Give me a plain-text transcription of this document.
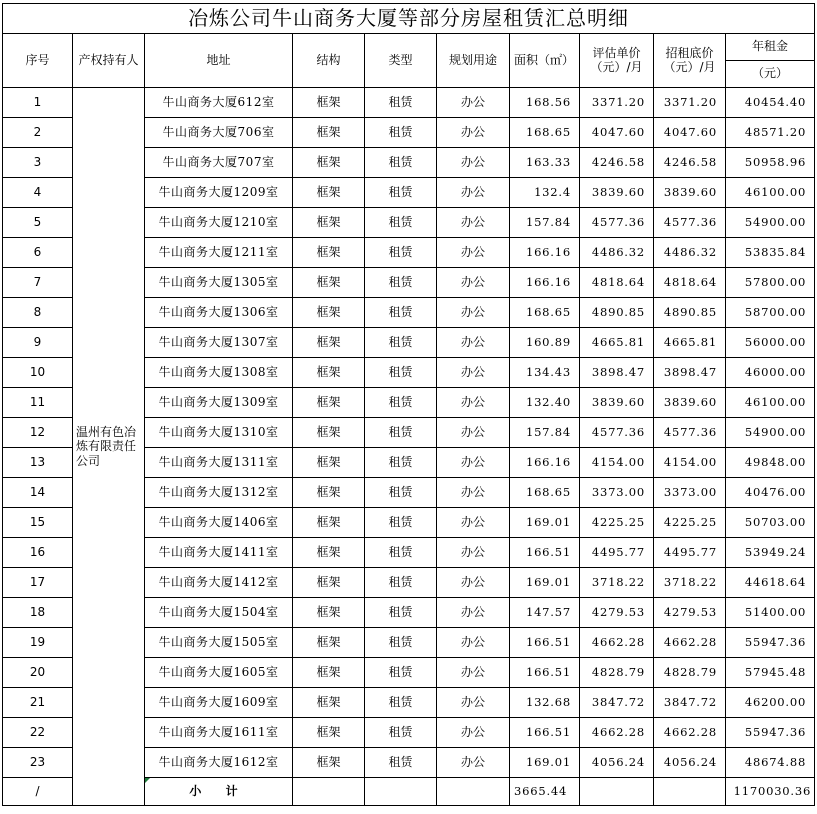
冶炼公司牛山商务大厦等部分房屋租赁汇总明细									
序号	产权持有人	地址	结构	类型	规划用途	面积（㎡）	评估单价（元）/月	招租底价（元）/月	年租金
									（元）
1	温州有色冶炼有限责任公司	牛山商务大厦612室	框架	租赁	办公	168.56	3371.20	3371.20	40454.40
2		牛山商务大厦706室	框架	租赁	办公	168.65	4047.60	4047.60	48571.20
3		牛山商务大厦707室	框架	租赁	办公	163.33	4246.58	4246.58	50958.96
4		牛山商务大厦1209室	框架	租赁	办公	132.4	3839.60	3839.60	46100.00
5		牛山商务大厦1210室	框架	租赁	办公	157.84	4577.36	4577.36	54900.00
6		牛山商务大厦1211室	框架	租赁	办公	166.16	4486.32	4486.32	53835.84
7		牛山商务大厦1305室	框架	租赁	办公	166.16	4818.64	4818.64	57800.00
8		牛山商务大厦1306室	框架	租赁	办公	168.65	4890.85	4890.85	58700.00
9		牛山商务大厦1307室	框架	租赁	办公	160.89	4665.81	4665.81	56000.00
10		牛山商务大厦1308室	框架	租赁	办公	134.43	3898.47	3898.47	46000.00
11		牛山商务大厦1309室	框架	租赁	办公	132.40	3839.60	3839.60	46100.00
12		牛山商务大厦1310室	框架	租赁	办公	157.84	4577.36	4577.36	54900.00
13		牛山商务大厦1311室	框架	租赁	办公	166.16	4154.00	4154.00	49848.00
14		牛山商务大厦1312室	框架	租赁	办公	168.65	3373.00	3373.00	40476.00
15		牛山商务大厦1406室	框架	租赁	办公	169.01	4225.25	4225.25	50703.00
16		牛山商务大厦1411室	框架	租赁	办公	166.51	4495.77	4495.77	53949.24
17		牛山商务大厦1412室	框架	租赁	办公	169.01	3718.22	3718.22	44618.64
18		牛山商务大厦1504室	框架	租赁	办公	147.57	4279.53	4279.53	51400.00
19		牛山商务大厦1505室	框架	租赁	办公	166.51	4662.28	4662.28	55947.36
20		牛山商务大厦1605室	框架	租赁	办公	166.51	4828.79	4828.79	57945.48
21		牛山商务大厦1609室	框架	租赁	办公	132.68	3847.72	3847.72	46200.00
22		牛山商务大厦1611室	框架	租赁	办公	166.51	4662.28	4662.28	55947.36
23		牛山商务大厦1612室	框架	租赁	办公	169.01	4056.24	4056.24	48674.88
/		小 计				3665.44			1170030.36
